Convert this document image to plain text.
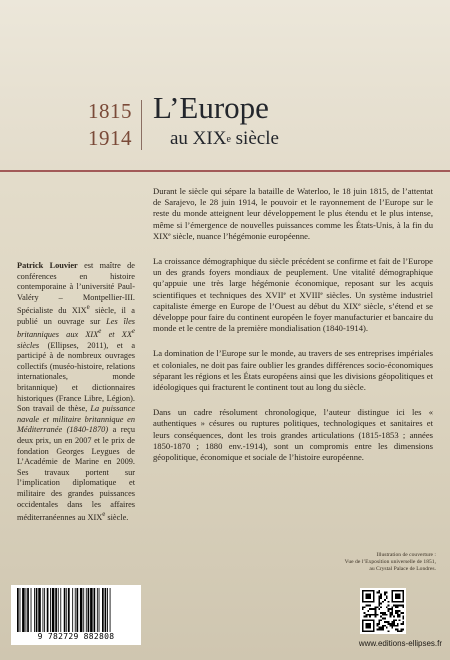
1815
1914
L’Europe
au XIXe siècle
Patrick Louvier est maître de conférences en histoire contemporaine à l’université Paul-Valéry – Montpellier-III. Spécialiste du XIXe siècle, il a publié un ouvrage sur Les îles britanniques aux XIXe et XXe siècles (Ellipses, 2011), et a participé à de nombreux ouvrages collectifs (muséo-histoire, relations internationales, monde britannique) et dictionnaires historiques (France Libre, Légion). Son travail de thèse, La puissance navale et militaire britannique en Méditerranée (1840-1870) a reçu deux prix, un en 2007 et le prix de fondation Georges Leygues de L’Académie de Marine en 2009. Ses travaux portent sur l’implication diplomatique et militaire des grandes puissances occidentales dans les affaires méditerranéennes au XIXe siècle.

Durant le siècle qui sépare la bataille de Waterloo, le 18 juin 1815, de l’attentat de Sarajevo, le 28 juin 1914, le pouvoir et le rayonnement de l’Europe sur le reste du monde atteignent leur développement le plus étendu et le plus intense, même si l’émergence de nouvelles puissances comme les États-Unis, à la fin du XIXe siècle, nuance l’hégémonie européenne.

La croissance démographique du siècle précédent se confirme et fait de l’Europe un des grands foyers mondiaux de peuplement. Une vitalité démographique qu’appuie une très large hégémonie économique, reposant sur les acquis scientifiques et techniques des XVIIe et XVIIIe siècles. Un système industriel capitaliste émerge en Europe de l’Ouest au début du XIXe siècle, s’étend et se développe pour faire du continent européen le foyer manufacturier et bancaire du monde et le centre de la première mondialisation (1840-1914).

La domination de l’Europe sur le monde, au travers de ses entreprises impériales et coloniales, ne doit pas faire oublier les grandes différences socio-économiques séparant les régions et les États européens ainsi que les divisions géopolitiques et idéologiques qui fracturent le continent tout au long du siècle.

Dans un cadre résolument chronologique, l’auteur distingue ici les « authentiques » césures ou ruptures politiques, technologiques et sanitaires et leurs conséquences, dont les trois grandes articulations (1815-1853 ; années 1850-1870 ; 1880 env.-1914), sont un compromis entre les dimensions géopolitique, économique et sociale de l’histoire européenne.

Illustration de couverture :
Vue de l’Exposition universelle de 1851,
au Crystal Palace de Londres.
9 782729 882808
www.editions-ellipses.fr
